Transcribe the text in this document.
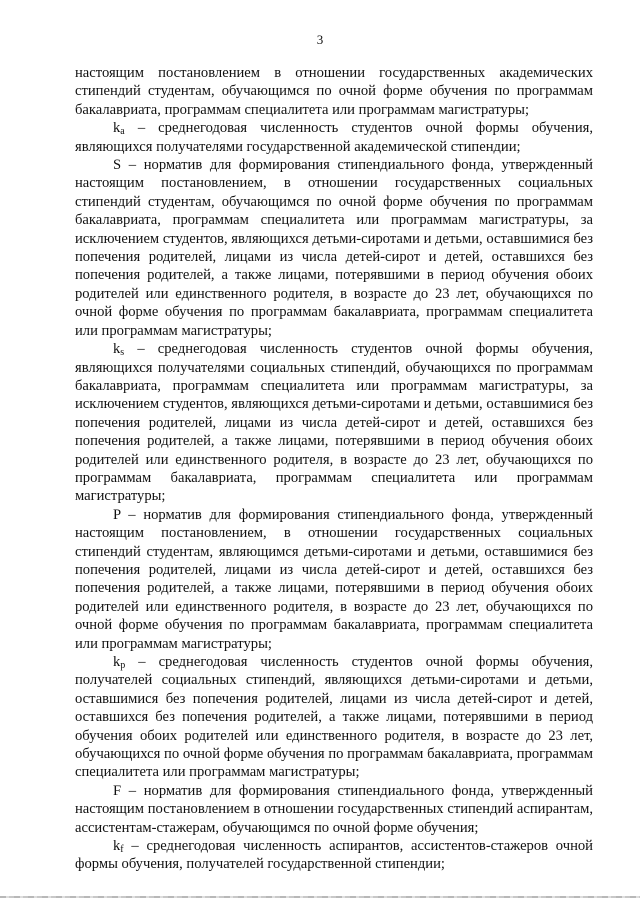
3

настоящим постановлением в отношении государственных академических стипендий студентам, обучающимся по очной форме обучения по программам бакалавриата, программам специалитета или программам магистратуры;

$k_a$ – среднегодовая численность студентов очной формы обучения, являющихся получателями государственной академической стипендии;

S – норматив для формирования стипендиального фонда, утвержденный настоящим постановлением, в отношении государственных социальных стипендий студентам, обучающимся по очной форме обучения по программам бакалавриата, программам специалитета или программам магистратуры, за исключением студентов, являющихся детьми-сиротами и детьми, оставшимися без попечения родителей, лицами из числа детей-сирот и детей, оставшихся без попечения родителей, а также лицами, потерявшими в период обучения обоих родителей или единственного родителя, в возрасте до 23 лет, обучающихся по очной форме обучения по программам бакалавриата, программам специалитета или программам магистратуры;

$k_s$ – среднегодовая численность студентов очной формы обучения, являющихся получателями социальных стипендий, обучающихся по программам бакалавриата, программам специалитета или программам магистратуры, за исключением студентов, являющихся детьми-сиротами и детьми, оставшимися без попечения родителей, лицами из числа детей-сирот и детей, оставшихся без попечения родителей, а также лицами, потерявшими в период обучения обоих родителей или единственного родителя, в возрасте до 23 лет, обучающихся по программам бакалавриата, программам специалитета или программам магистратуры;

P – норматив для формирования стипендиального фонда, утвержденный настоящим постановлением, в отношении государственных социальных стипендий студентам, являющимся детьми-сиротами и детьми, оставшимися без попечения родителей, лицами из числа детей-сирот и детей, оставшихся без попечения родителей, а также лицами, потерявшими в период обучения обоих родителей или единственного родителя, в возрасте до 23 лет, обучающихся по очной форме обучения по программам бакалавриата, программам специалитета или программам магистратуры;

$k_p$ – среднегодовая численность студентов очной формы обучения, получателей социальных стипендий, являющихся детьми-сиротами и детьми, оставшимися без попечения родителей, лицами из числа детей-сирот и детей, оставшихся без попечения родителей, а также лицами, потерявшими в период обучения обоих родителей или единственного родителя, в возрасте до 23 лет, обучающихся по очной форме обучения по программам бакалавриата, программам специалитета или программам магистратуры;

F – норматив для формирования стипендиального фонда, утвержденный настоящим постановлением в отношении государственных стипендий аспирантам, ассистентам-стажерам, обучающимся по очной форме обучения;

$k_f$ – среднегодовая численность аспирантов, ассистентов-стажеров очной формы обучения, получателей государственной стипендии;
